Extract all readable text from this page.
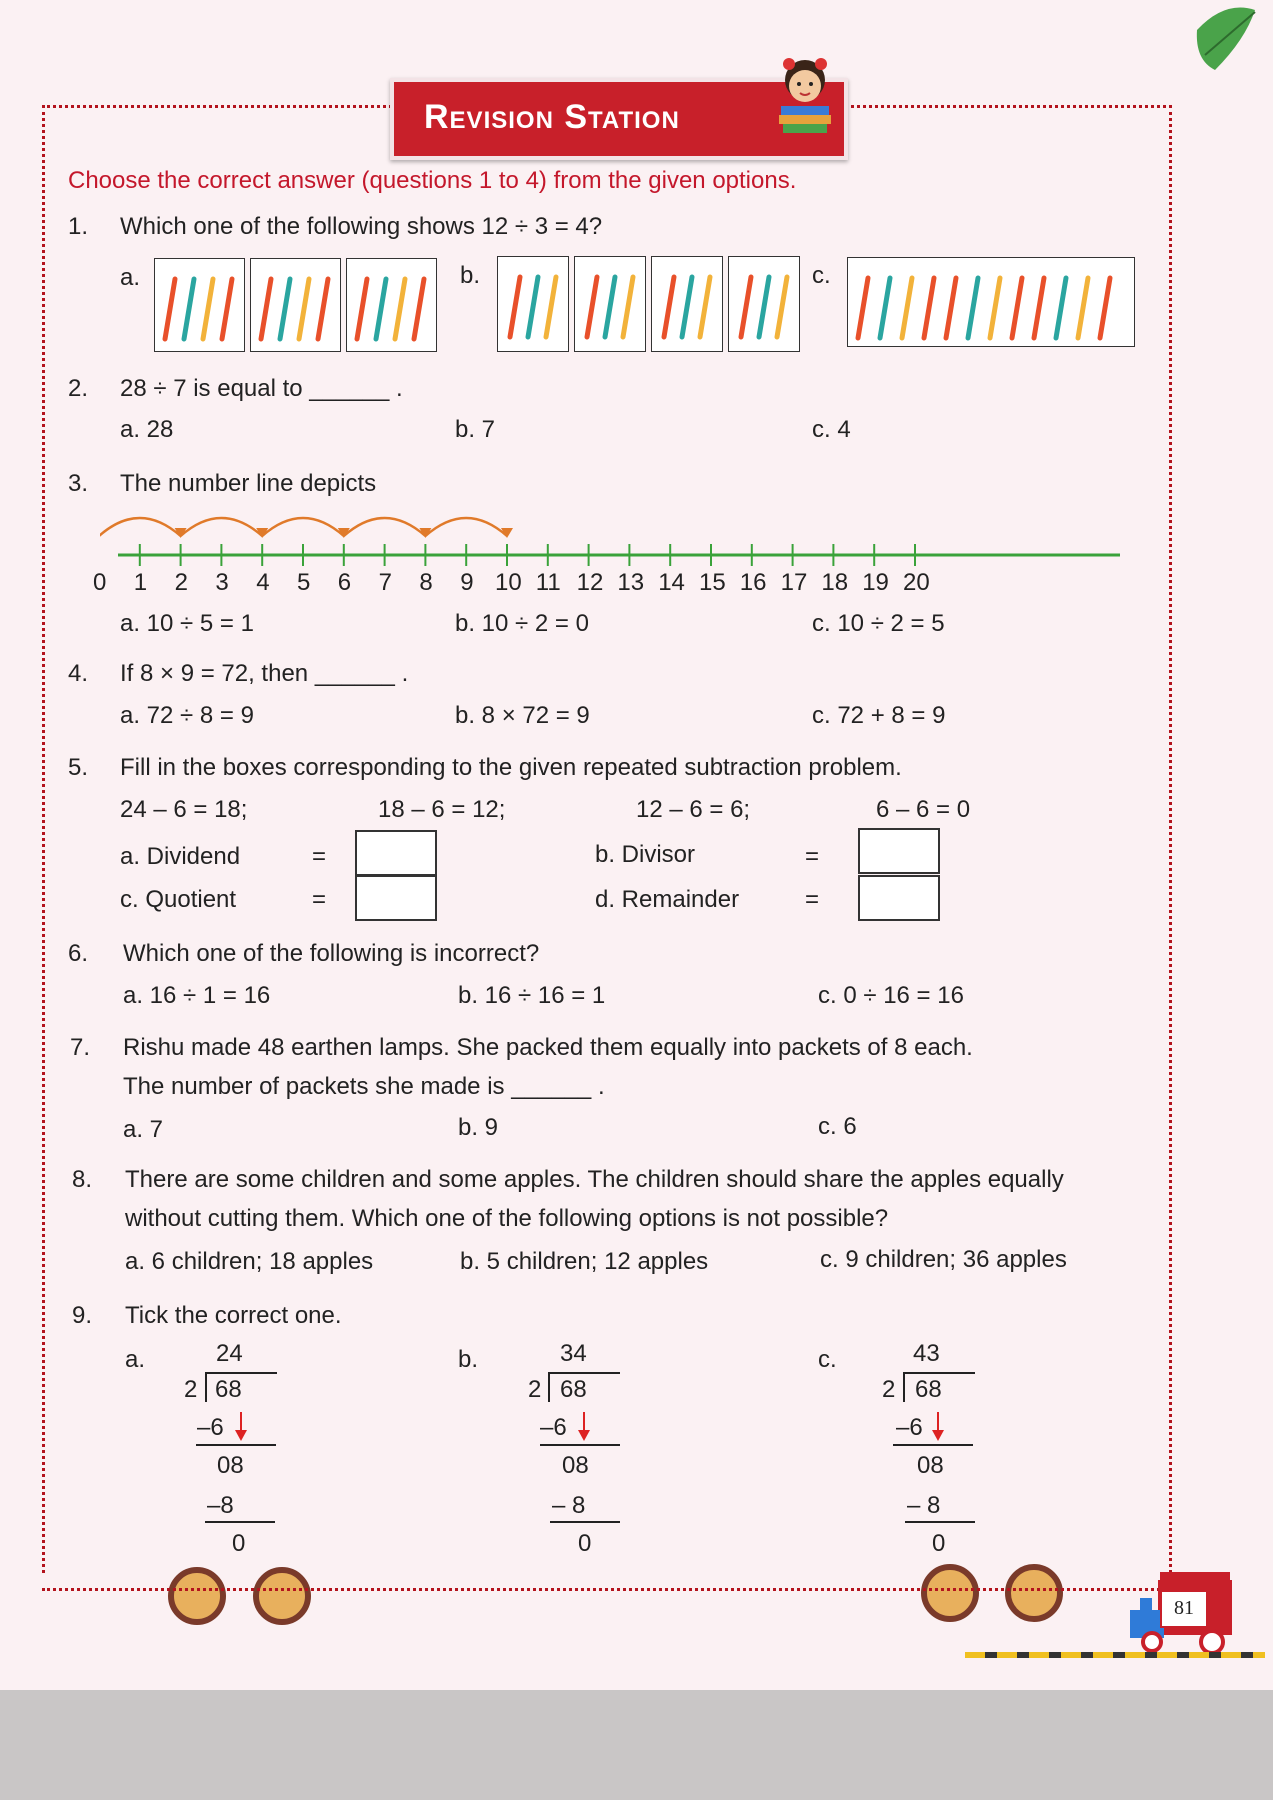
Revision Station
Choose the correct answer (questions 1 to 4) from the given options.
1. Which one of the following shows 12 ÷ 3 = 4?
a.	b.	c.
2. 28 ÷ 7 is equal to ______ .
a. 28	b. 7	c. 4
3. The number line depicts
0 1 2 3 4 5 6 7 8 9 10 11 12 13 14 15 16 17 18 19 20
a. 10 ÷ 5 = 1	b. 10 ÷ 2 = 0	c. 10 ÷ 2 = 5
4. If 8 × 9 = 72, then ______ .
a. 72 ÷ 8 = 9	b. 8 × 72 = 9	c. 72 + 8 = 9
5. Fill in the boxes corresponding to the given repeated subtraction problem.
24 – 6 = 18;	18 – 6 = 12;	12 – 6 = 6;	6 – 6 = 0
a. Dividend	=	b. Divisor	=
c. Quotient	=	d. Remainder	=
6. Which one of the following is incorrect?
a. 16 ÷ 1 = 16	b. 16 ÷ 16 = 1	c. 0 ÷ 16 = 16
7. Rishu made 48 earthen lamps. She packed them equally into packets of 8 each.
The number of packets she made is ______ .
a. 7	b. 9	c. 6
8. There are some children and some apples. The children should share the apples equally
without cutting them. Which one of the following options is not possible?
a. 6 children; 18 apples	b. 5 children; 12 apples	c. 9 children; 36 apples
9. Tick the correct one.
a.	24
2 68
–6
08
–8
0
b.	34
2 68
–6
08
– 8
0
c.	43
2 68
–6
08
– 8
0
81
